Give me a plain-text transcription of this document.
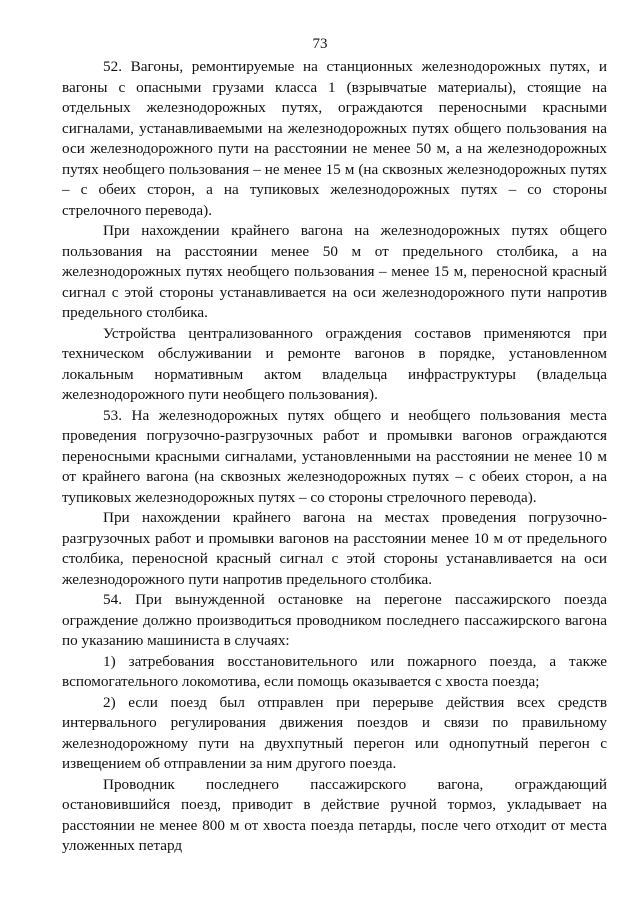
73

52. Вагоны, ремонтируемые на станционных железнодорожных путях, и вагоны с опасными грузами класса 1 (взрывчатые материалы), стоящие на отдельных железнодорожных путях, ограждаются переносными красными сигналами, устанавливаемыми на железнодорожных путях общего пользования на оси железнодорожного пути на расстоянии не менее 50 м, а на железнодорожных путях необщего пользования – не менее 15 м (на сквозных железнодорожных путях – с обеих сторон, а на тупиковых железнодорожных путях – со стороны стрелочного перевода).

При нахождении крайнего вагона на железнодорожных путях общего пользования на расстоянии менее 50 м от предельного столбика, а на железнодорожных путях необщего пользования – менее 15 м, переносной красный сигнал с этой стороны устанавливается на оси железнодорожного пути напротив предельного столбика.

Устройства централизованного ограждения составов применяются при техническом обслуживании и ремонте вагонов в порядке, установленном локальным нормативным актом владельца инфраструктуры (владельца железнодорожного пути необщего пользования).

53. На железнодорожных путях общего и необщего пользования места проведения погрузочно-разгрузочных работ и промывки вагонов ограждаются переносными красными сигналами, установленными на расстоянии не менее 10 м от крайнего вагона (на сквозных железнодорожных путях – с обеих сторон, а на тупиковых железнодорожных путях – со стороны стрелочного перевода).

При нахождении крайнего вагона на местах проведения погрузочно-разгрузочных работ и промывки вагонов на расстоянии менее 10 м от предельного столбика, переносной красный сигнал с этой стороны устанавливается на оси железнодорожного пути напротив предельного столбика.

54. При вынужденной остановке на перегоне пассажирского поезда ограждение должно производиться проводником последнего пассажирского вагона по указанию машиниста в случаях:

1) затребования восстановительного или пожарного поезда, а также вспомогательного локомотива, если помощь оказывается с хвоста поезда;

2) если поезд был отправлен при перерыве действия всех средств интервального регулирования движения поездов и связи по правильному железнодорожному пути на двухпутный перегон или однопутный перегон с извещением об отправлении за ним другого поезда.

Проводник последнего пассажирского вагона, ограждающий остановившийся поезд, приводит в действие ручной тормоз, укладывает на расстоянии не менее 800 м от хвоста поезда петарды, после чего отходит от места уложенных петард
